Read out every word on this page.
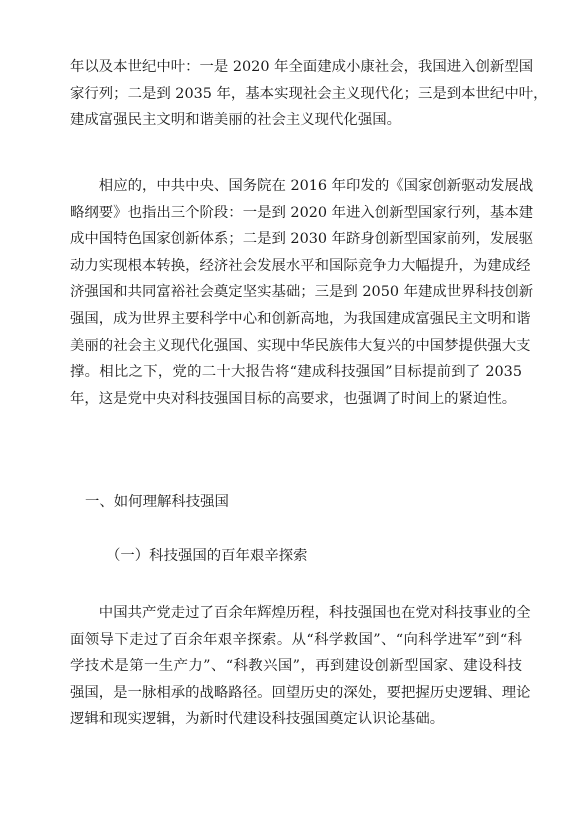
年以及本世纪中叶：一是 2020 年全面建成小康社会，我国进入创新型国
家行列；二是到 2035 年，基本实现社会主义现代化；三是到本世纪中叶，
建成富强民主文明和谐美丽的社会主义现代化强国。

相应的，中共中央、国务院在 2016 年印发的《国家创新驱动发展战
略纲要》也指出三个阶段：一是到 2020 年进入创新型国家行列，基本建
成中国特色国家创新体系；二是到 2030 年跻身创新型国家前列，发展驱
动力实现根本转换，经济社会发展水平和国际竞争力大幅提升，为建成经
济强国和共同富裕社会奠定坚实基础；三是到 2050 年建成世界科技创新
强国，成为世界主要科学中心和创新高地，为我国建成富强民主文明和谐
美丽的社会主义现代化强国、实现中华民族伟大复兴的中国梦提供强大支
撑。相比之下，党的二十大报告将“建成科技强国”目标提前到了 2035
年，这是党中央对科技强国目标的高要求，也强调了时间上的紧迫性。

一、如何理解科技强国

（一）科技强国的百年艰辛探索

中国共产党走过了百余年辉煌历程，科技强国也在党对科技事业的全
面领导下走过了百余年艰辛探索。从“科学救国”、“向科学进军”到“科
学技术是第一生产力”、“科教兴国”，再到建设创新型国家、建设科技
强国，是一脉相承的战略路径。回望历史的深处，要把握历史逻辑、理论
逻辑和现实逻辑，为新时代建设科技强国奠定认识论基础。
